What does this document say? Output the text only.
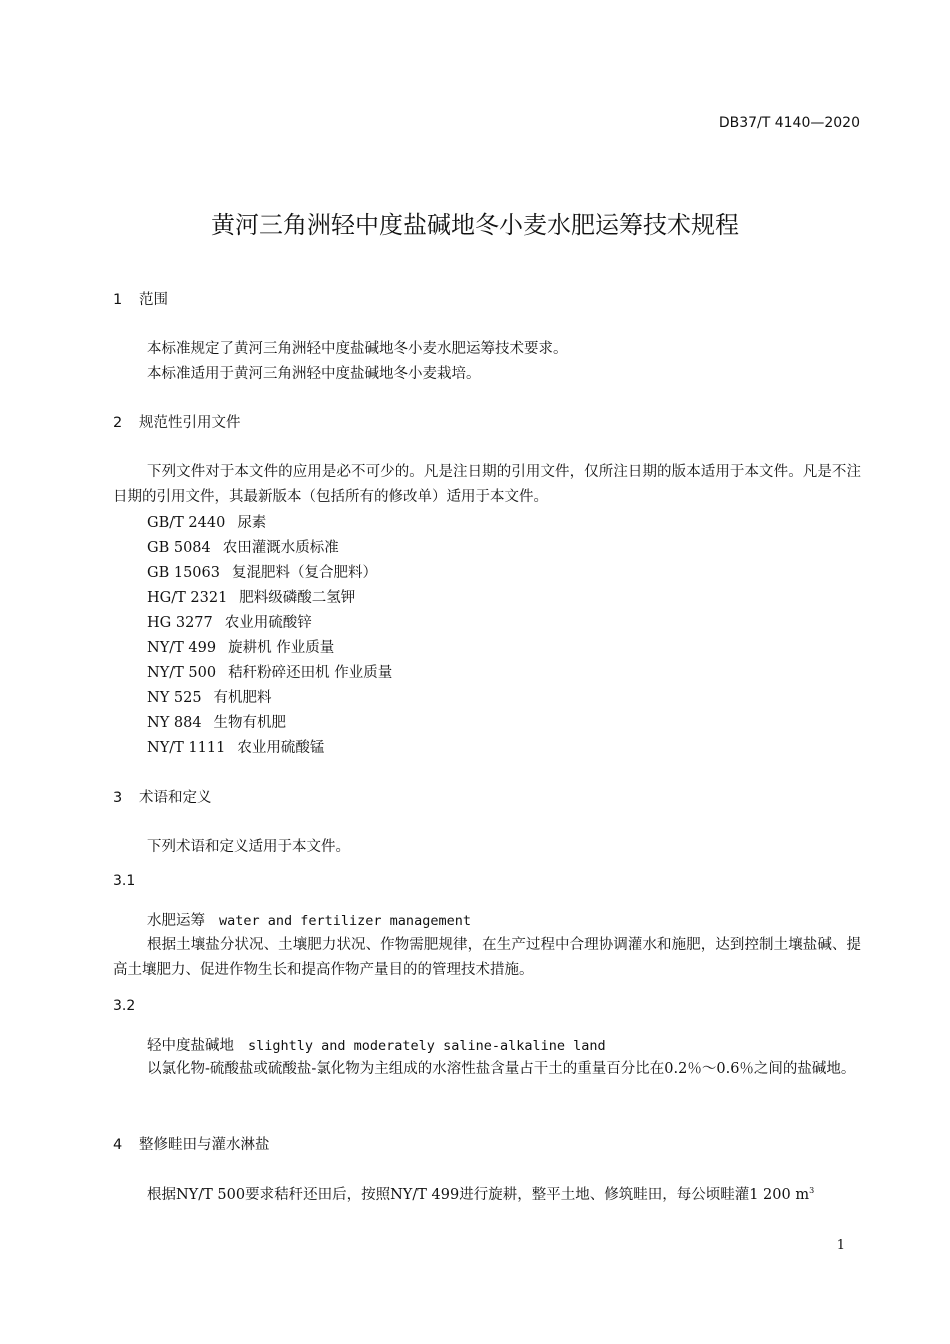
DB37/T 4140—2020
黄河三角洲轻中度盐碱地冬小麦水肥运筹技术规程
1 范围
本标准规定了黄河三角洲轻中度盐碱地冬小麦水肥运筹技术要求。
本标准适用于黄河三角洲轻中度盐碱地冬小麦栽培。
2 规范性引用文件
下列文件对于本文件的应用是必不可少的。凡是注日期的引用文件，仅所注日期的版本适用于本文件。凡是不注日期的引用文件，其最新版本（包括所有的修改单）适用于本文件。
GB/T 2440 尿素
GB 5084 农田灌溉水质标准
GB 15063 复混肥料（复合肥料）
HG/T 2321 肥料级磷酸二氢钾
HG 3277 农业用硫酸锌
NY/T 499 旋耕机 作业质量
NY/T 500 秸秆粉碎还田机 作业质量
NY 525 有机肥料
NY 884 生物有机肥
NY/T 1111 农业用硫酸锰
3 术语和定义
下列术语和定义适用于本文件。
3.1
水肥运筹 water and fertilizer management
根据土壤盐分状况、土壤肥力状况、作物需肥规律，在生产过程中合理协调灌水和施肥，达到控制土壤盐碱、提高土壤肥力、促进作物生长和提高作物产量目的的管理技术措施。
3.2
轻中度盐碱地 slightly and moderately saline-alkaline land
以氯化物-硫酸盐或硫酸盐-氯化物为主组成的水溶性盐含量占干土的重量百分比在0.2％～0.6％之间的盐碱地。
4 整修畦田与灌水淋盐
根据NY/T 500要求秸秆还田后，按照NY/T 499进行旋耕，整平土地、修筑畦田，每公顷畦灌1 200 $m^3$
1
